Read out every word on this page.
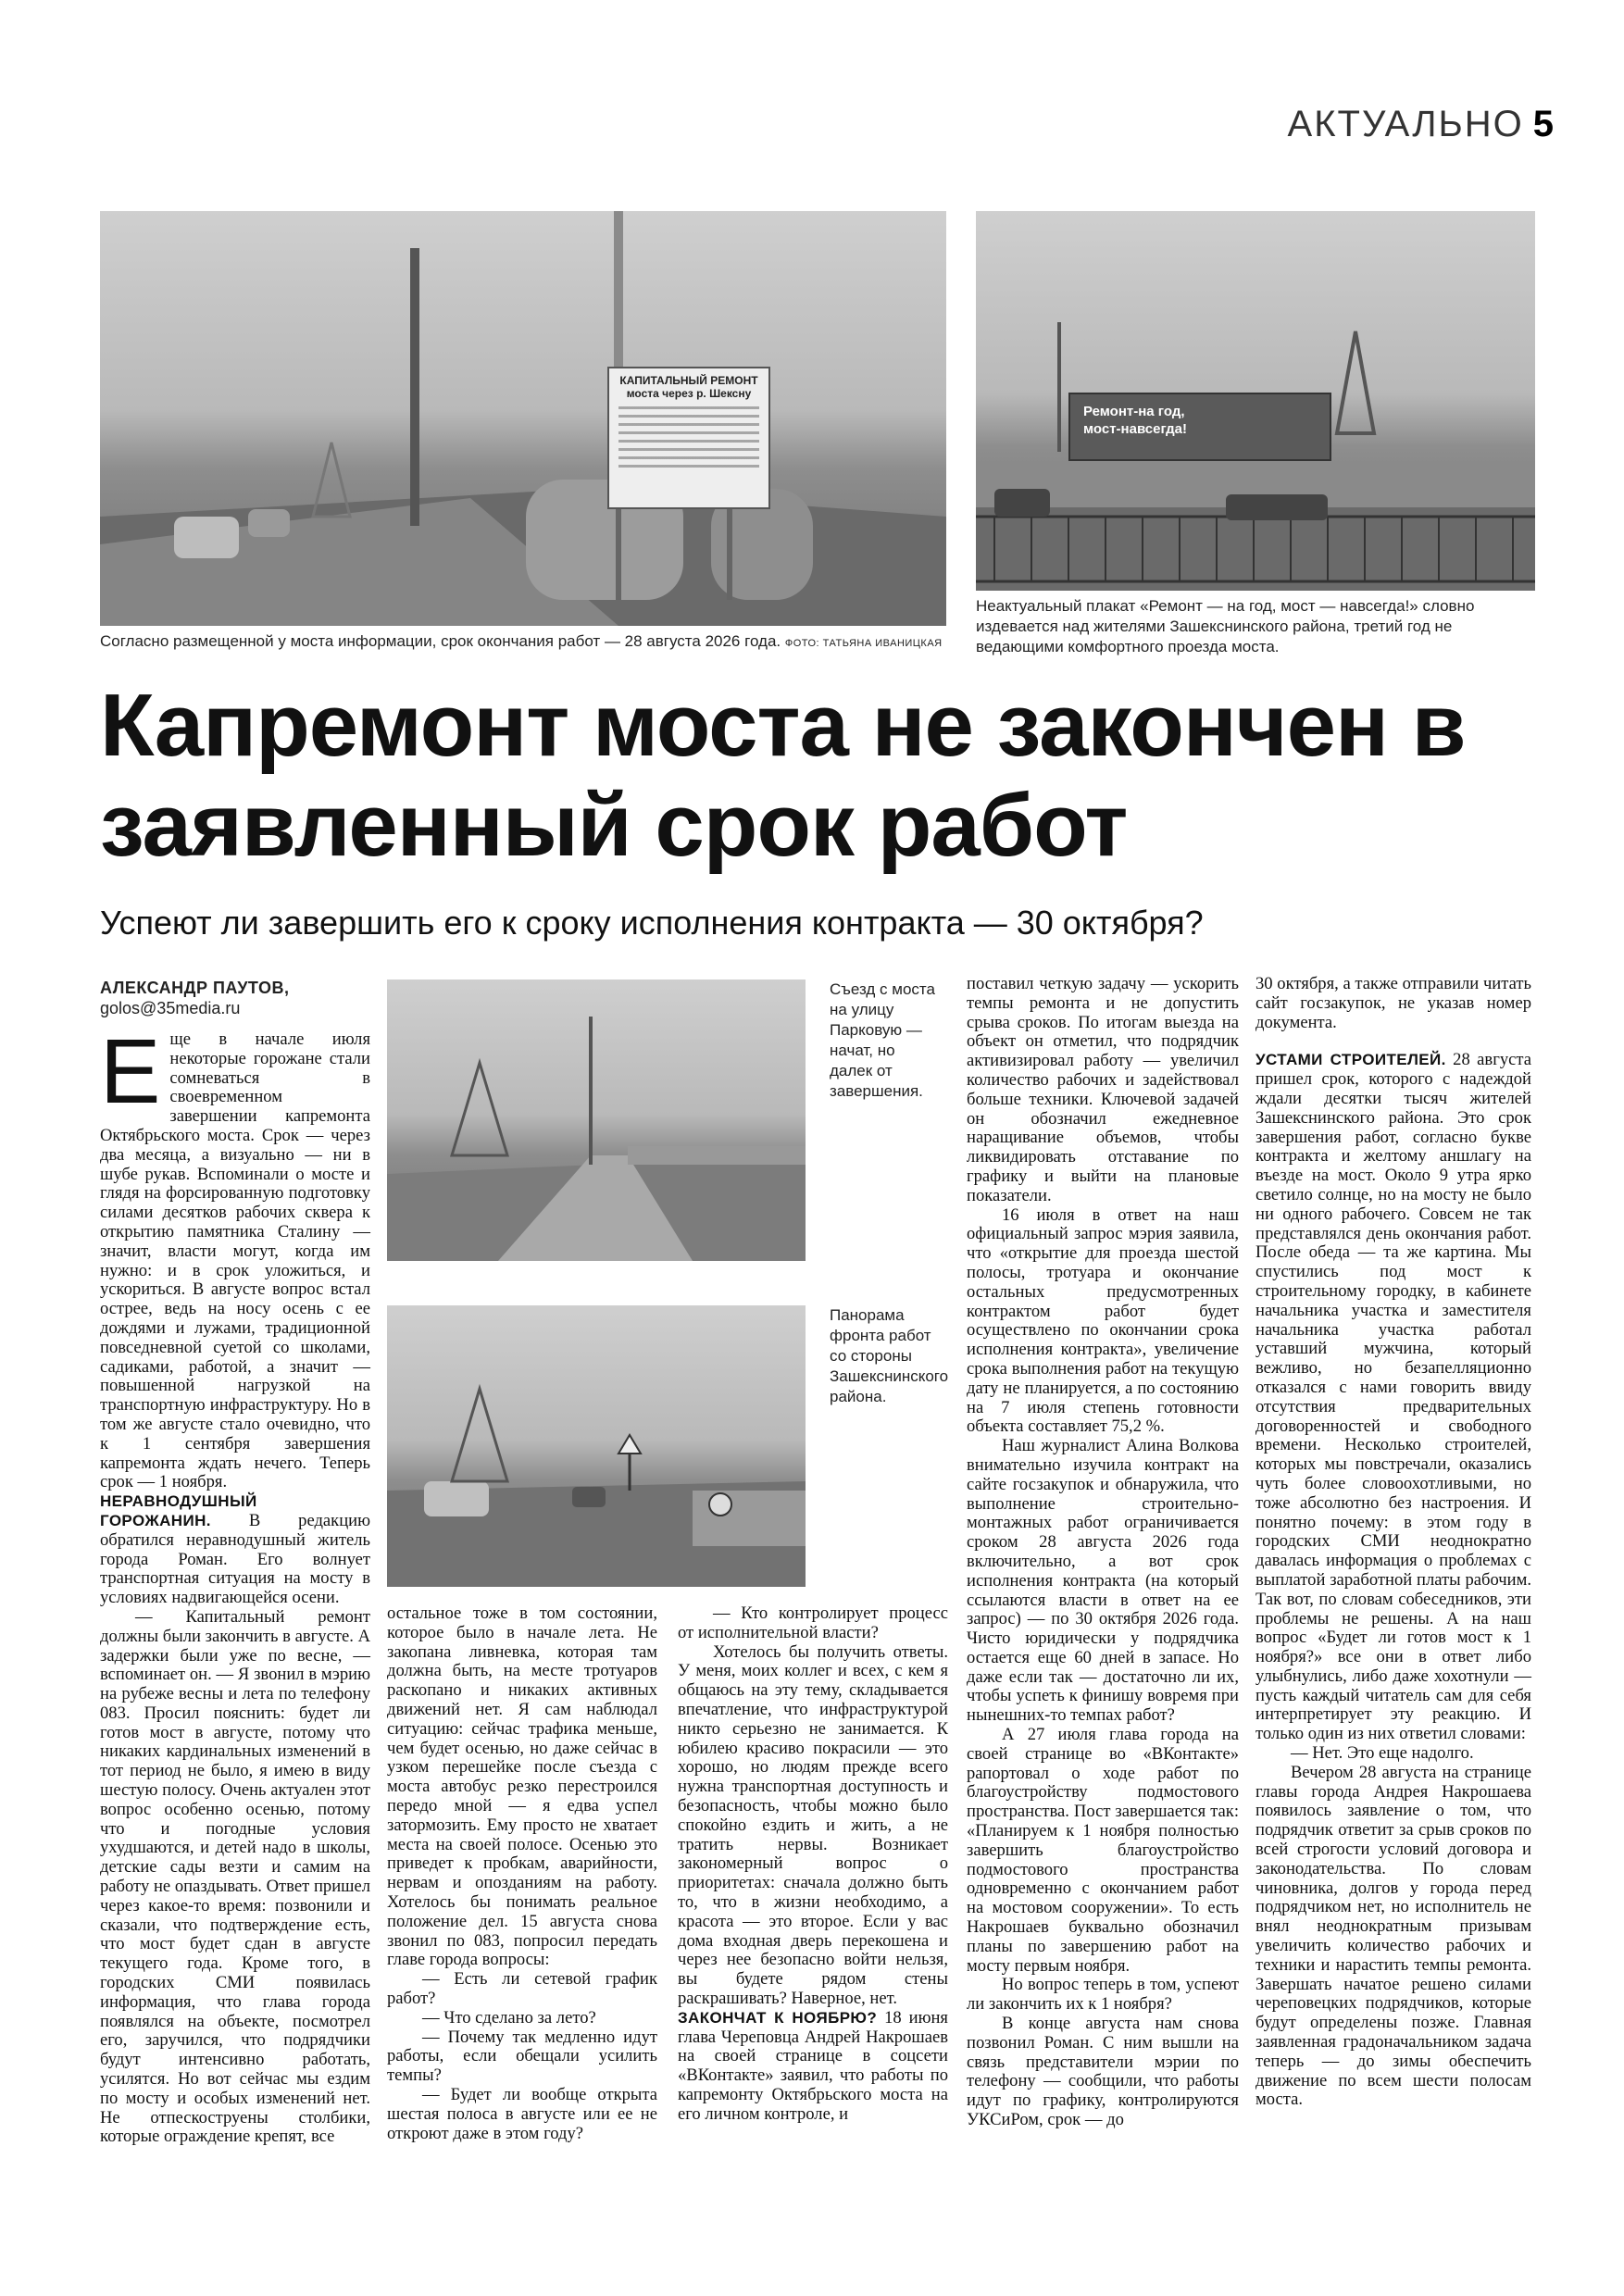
АКТУАЛЬНО 5
КАПИТАЛЬНЫЙ РЕМОНТ
моста через р. Шексну
Согласно размещенной у моста информации, срок окончания работ — 28 августа 2026 года. ФОТО: ТАТЬЯНА ИВАНИЦКАЯ
Ремонт-на год,
мост-навсегда!
Неактуальный плакат «Ремонт — на год, мост — навсегда!» словно издевается над жителями Зашекснинского района, третий год не ведающими комфортного проезда моста.
Капремонт моста не закончен в заявленный срок работ
Успеют ли завершить его к сроку исполнения контракта — 30 октября?
АЛЕКСАНДР ПАУТОВ,
golos@35media.ru
Съезд с моста на улицу Парковую — начат, но далек от завершения.
Панорама фронта работ со стороны Зашекснинского района.

Еще в начале июля некоторые горожане стали сомневаться в своевременном завершении капремонта Октябрьского моста. Срок — через два месяца, а визуально — ни в шубе рукав. Вспоминали о мосте и глядя на форсированную подготовку силами десятков рабочих сквера к открытию памятника Сталину — значит, власти могут, когда им нужно: и в срок уложиться, и ускориться. В августе вопрос встал острее, ведь на носу осень с ее дождями и лужами, традиционной повседневной суетой со школами, садиками, работой, а значит — повышенной нагрузкой на транспортную инфраструктуру. Но в том же августе стало очевидно, что к 1 сентября завершения капремонта ждать нечего. Теперь срок — 1 ноября.

НЕРАВНОДУШНЫЙ ГОРОЖАНИН. В редакцию обратился неравнодушный житель города Роман. Его волнует транспортная ситуация на мосту в условиях надвигающейся осени.

— Капитальный ремонт должны были закончить в августе. А задержки были уже по весне, — вспоминает он. — Я звонил в мэрию на рубеже весны и лета по телефону 083. Просил пояснить: будет ли готов мост в августе, потому что никаких кардинальных изменений в тот период не было, я имею в виду шестую полосу. Очень актуален этот вопрос особенно осенью, потому что и погодные условия ухудшаются, и детей надо в школы, детские сады везти и самим на работу не опаздывать. Ответ пришел через какое-то время: позвонили и сказали, что подтверждение есть, что мост будет сдан в августе текущего года. Кроме того, в городских СМИ появилась информация, что глава города появлялся на объекте, посмотрел его, заручился, что подрядчики будут интенсивно работать, усилятся. Но вот сейчас мы ездим по мосту и особых изменений нет. Не отпескоструены столбики, которые ограждение крепят, все

остальное тоже в том состоянии, которое было в начале лета. Не закопана ливневка, которая там должна быть, на месте тротуаров раскопано и никаких активных движений нет. Я сам наблюдал ситуацию: сейчас трафика меньше, чем будет осенью, но даже сейчас в узком перешейке после съезда с моста автобус резко перестроился передо мной — я едва успел затормозить. Ему просто не хватает места на своей полосе. Осенью это приведет к пробкам, аварийности, нервам и опозданиям на работу. Хотелось бы понимать реальное положение дел. 15 августа снова звонил по 083, попросил передать главе города вопросы:

— Есть ли сетевой график работ?

— Что сделано за лето?

— Почему так медленно идут работы, если обещали усилить темпы?

— Будет ли вообще открыта шестая полоса в августе или ее не откроют даже в этом году?

— Кто контролирует процесс от исполнительной власти?

Хотелось бы получить ответы. У меня, моих коллег и всех, с кем я общаюсь на эту тему, складывается впечатление, что инфраструктурой никто серьезно не занимается. К юбилею красиво покрасили — это хорошо, но людям прежде всего нужна транспортная доступность и безопасность, чтобы можно было спокойно ездить и жить, а не тратить нервы. Возникает закономерный вопрос о приоритетах: сначала должно быть то, что в жизни необходимо, а красота — это второе. Если у вас дома входная дверь перекошена и через нее безопасно войти нельзя, вы будете рядом стены раскрашивать? Наверное, нет.

ЗАКОНЧАТ К НОЯБРЮ? 18 июня глава Череповца Андрей Накрошаев на своей странице в соцсети «ВКонтакте» заявил, что работы по капремонту Октябрьского моста на его личном контроле, и

поставил четкую задачу — ускорить темпы ремонта и не допустить срыва сроков. По итогам выезда на объект он отметил, что подрядчик активизировал работу — увеличил количество рабочих и задействовал больше техники. Ключевой задачей он обозначил ежедневное наращивание объемов, чтобы ликвидировать отставание по графику и выйти на плановые показатели.

16 июля в ответ на наш официальный запрос мэрия заявила, что «открытие для проезда шестой полосы, тротуара и окончание остальных предусмотренных контрактом работ будет осуществлено по окончании срока исполнения контракта», увеличение срока выполнения работ на текущую дату не планируется, а по состоянию на 7 июля степень готовности объекта составляет 75,2 %.

Наш журналист Алина Волкова внимательно изучила контракт на сайте госзакупок и обнаружила, что выполнение строительно-монтажных работ ограничивается сроком 28 августа 2026 года включительно, а вот срок исполнения контракта (на который ссылаются власти в ответ на ее запрос) — по 30 октября 2026 года. Чисто юридически у подрядчика остается еще 60 дней в запасе. Но даже если так — достаточно ли их, чтобы успеть к финишу вовремя при нынешних-то темпах работ?

А 27 июля глава города на своей странице во «ВКонтакте» рапортовал о ходе работ по благоустройству подмостового пространства. Пост завершается так: «Планируем к 1 ноября полностью завершить благоустройство подмостового пространства одновременно с окончанием работ на мостовом сооружении». То есть Накрошаев буквально обозначил планы по завершению работ на мосту первым ноября.

Но вопрос теперь в том, успеют ли закончить их к 1 ноября?

В конце августа нам снова позвонил Роман. С ним вышли на связь представители мэрии по телефону — сообщили, что работы идут по графику, контролируются УКСиРом, срок — до

30 октября, а также отправили читать сайт госзакупок, не указав номер документа.

УСТАМИ СТРОИТЕЛЕЙ. 28 августа пришел срок, которого с надеждой ждали десятки тысяч жителей Зашекснинского района. Это срок завершения работ, согласно букве контракта и желтому аншлагу на въезде на мост. Около 9 утра ярко светило солнце, но на мосту не было ни одного рабочего. Совсем не так представлялся день окончания работ. После обеда — та же картина. Мы спустились под мост к строительному городку, в кабинете начальника участка и заместителя начальника участка работал уставший мужчина, который вежливо, но безапелляционно отказался с нами говорить ввиду отсутствия предварительных договоренностей и свободного времени. Несколько строителей, которых мы повстречали, оказались чуть более словоохотливыми, но тоже абсолютно без настроения. И понятно почему: в этом году в городских СМИ неоднократно давалась информация о проблемах с выплатой заработной платы рабочим. Так вот, по словам собеседников, эти проблемы не решены. А на наш вопрос «Будет ли готов мост к 1 ноября?» все они в ответ либо улыбнулись, либо даже хохотнули — пусть каждый читатель сам для себя интерпретирует эту реакцию. И только один из них ответил словами:

— Нет. Это еще надолго.

Вечером 28 августа на странице главы города Андрея Накрошаева появилось заявление о том, что подрядчик ответит за срыв сроков по всей строгости условий договора и законодательства. По словам чиновника, долгов у города перед подрядчиком нет, но исполнитель не внял неоднократным призывам увеличить количество рабочих и техники и нарастить темпы ремонта. Завершать начатое решено силами череповецких подрядчиков, которые будут определены позже. Главная заявленная градоначальником задача теперь — до зимы обеспечить движение по всем шести полосам моста.
